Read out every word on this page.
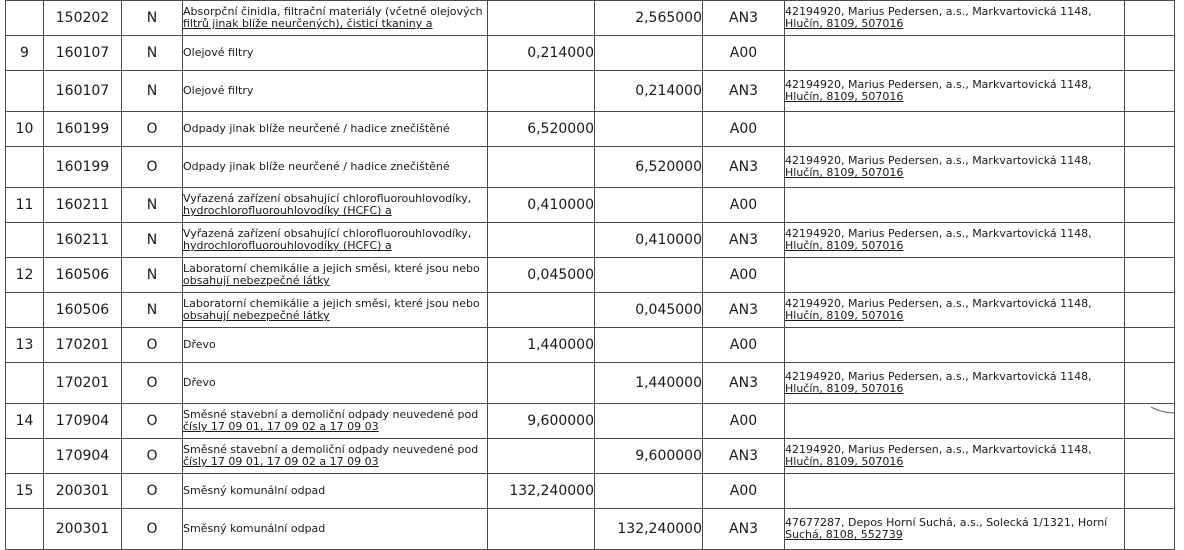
	150202	N	Absorpční činidla, filtrační materiály (včetně olejových
filtrů jinak blíže neurčených), čisticí tkaniny a		2,565000	AN3	42194920, Marius Pedersen, a.s., Markvartovická 1148,
Hlučín, 8109, 507016	

9	160107	N	Olejové filtry	0,214000		A00		
	160107	N	Olejové filtry		0,214000	AN3	42194920, Marius Pedersen, a.s., Markvartovická 1148,
Hlučín, 8109, 507016	

10	160199	O	Odpady jinak blíže neurčené / hadice znečištěné	6,520000		A00		
	160199	O	Odpady jinak blíže neurčené / hadice znečištěné		6,520000	AN3	42194920, Marius Pedersen, a.s., Markvartovická 1148,
Hlučín, 8109, 507016	

11	160211	N	Vyřazená zařízení obsahující chlorofluorouhlovodíky,
hydrochlorofluorouhlovodíky (HCFC) a	0,410000		A00		
	160211	N	Vyřazená zařízení obsahující chlorofluorouhlovodíky,
hydrochlorofluorouhlovodíky (HCFC) a		0,410000	AN3	42194920, Marius Pedersen, a.s., Markvartovická 1148,
Hlučín, 8109, 507016	

12	160506	N	Laboratorní chemikálie a jejich směsi, které jsou nebo
obsahují nebezpečné látky	0,045000		A00		
	160506	N	Laboratorní chemikálie a jejich směsi, které jsou nebo
obsahují nebezpečné látky		0,045000	AN3	42194920, Marius Pedersen, a.s., Markvartovická 1148,
Hlučín, 8109, 507016	

13	170201	O	Dřevo	1,440000		A00		
	170201	O	Dřevo		1,440000	AN3	42194920, Marius Pedersen, a.s., Markvartovická 1148,
Hlučín, 8109, 507016	

14	170904	O	Směsné stavební a demoliční odpady neuvedené pod
čísly 17 09 01, 17 09 02 a 17 09 03	9,600000		A00		
	170904	O	Směsné stavební a demoliční odpady neuvedené pod
čísly 17 09 01, 17 09 02 a 17 09 03		9,600000	AN3	42194920, Marius Pedersen, a.s., Markvartovická 1148,
Hlučín, 8109, 507016	

15	200301	O	Směsný komunální odpad	132,240000		A00		
	200301	O	Směsný komunální odpad		132,240000	AN3	47677287, Depos Horní Suchá, a.s., Solecká 1/1321, Horní
Suchá, 8108, 552739	
